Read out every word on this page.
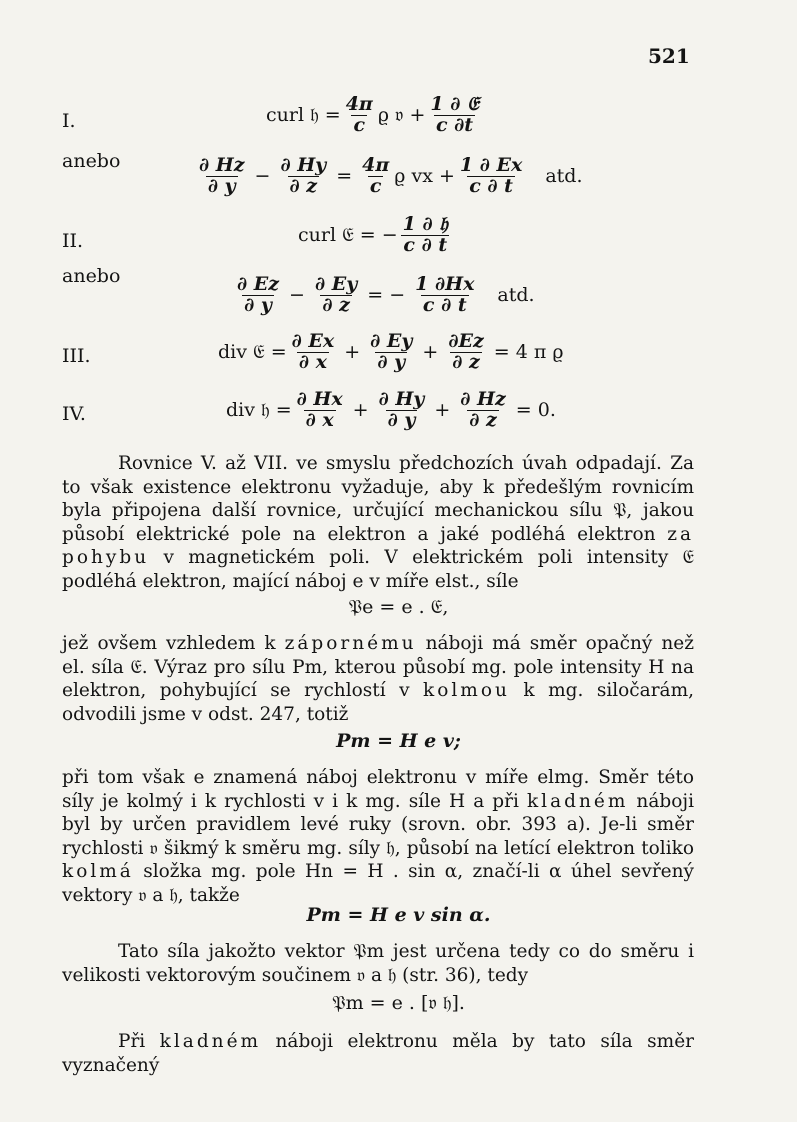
521
I.
anebo
II.
anebo
III.
IV.
curl 𝔥 = $\frac{4\pi}{c}$ ϱ 𝔳 + $\frac{\text{1 ∂ 𝔈}}{c \partial t}$
$\frac{\partial Hz}{\partial y} - \frac{\partial Hy}{\partial z} = \frac{4\pi}{c}$ ϱ vx + $\frac{1 \partial Ex}{c \partial t}$ atd.
curl 𝔈 = − $\frac{\text{1 ∂ 𝔥}}{c \partial t}$
$\frac{\partial Ez}{\partial y} - \frac{\partial Ey}{\partial z}$ = − $\frac{1 \partial Hx}{c \partial t}$ atd.
div 𝔈 = $\frac{\partial Ex}{\partial x} + \frac{\partial Ey}{\partial y} + \frac{\partial Ez}{\partial z} = 4$ π ϱ
div 𝔥 = $\frac{\partial Hx}{\partial x} + \frac{\partial Hy}{\partial y} + \frac{\partial Hz}{\partial z} = 0$.

Rovnice V. až VII. ve smyslu předchozích úvah odpadají. Za to však existence elektronu vyžaduje, aby k předešlým rovnicím byla připojena další rovnice, určující mechanickou sílu 𝔓, jakou působí elektrické pole na elektron a jaké podléhá elektron za pohybu v magnetickém poli. V elektrickém poli intensity 𝔈 podléhá elektron, mající náboj e v míře elst., síle

𝔓e = e . 𝔈,

jež ovšem vzhledem k zápornému náboji má směr opačný než el. síla 𝔈. Výraz pro sílu Pm, kterou působí mg. pole intensity H na elektron, pohybující se rychlostí v kolmou k mg. siločarám, odvodili jsme v odst. 247, totiž

Pm = H e v;

při tom však e znamená náboj elektronu v míře elmg. Směr této síly je kolmý i k rychlosti v i k mg. síle H a při kladném náboji byl by určen pravidlem levé ruky (srovn. obr. 393 a). Je-li směr rychlosti 𝔳 šikmý k směru mg. síly 𝔥, působí na letící elektron toliko kolmá složka mg. pole Hn = H . sin α, značí-li α úhel sevřený vektory 𝔳 a 𝔥, takže

Pm = H e v sin α.

Tato síla jakožto vektor 𝔓m jest určena tedy co do směru i velikosti vektorovým součinem 𝔳 a 𝔥 (str. 36), tedy

𝔓m = e . [𝔳 𝔥].

Při kladném náboji elektronu měla by tato síla směr vyznačený
